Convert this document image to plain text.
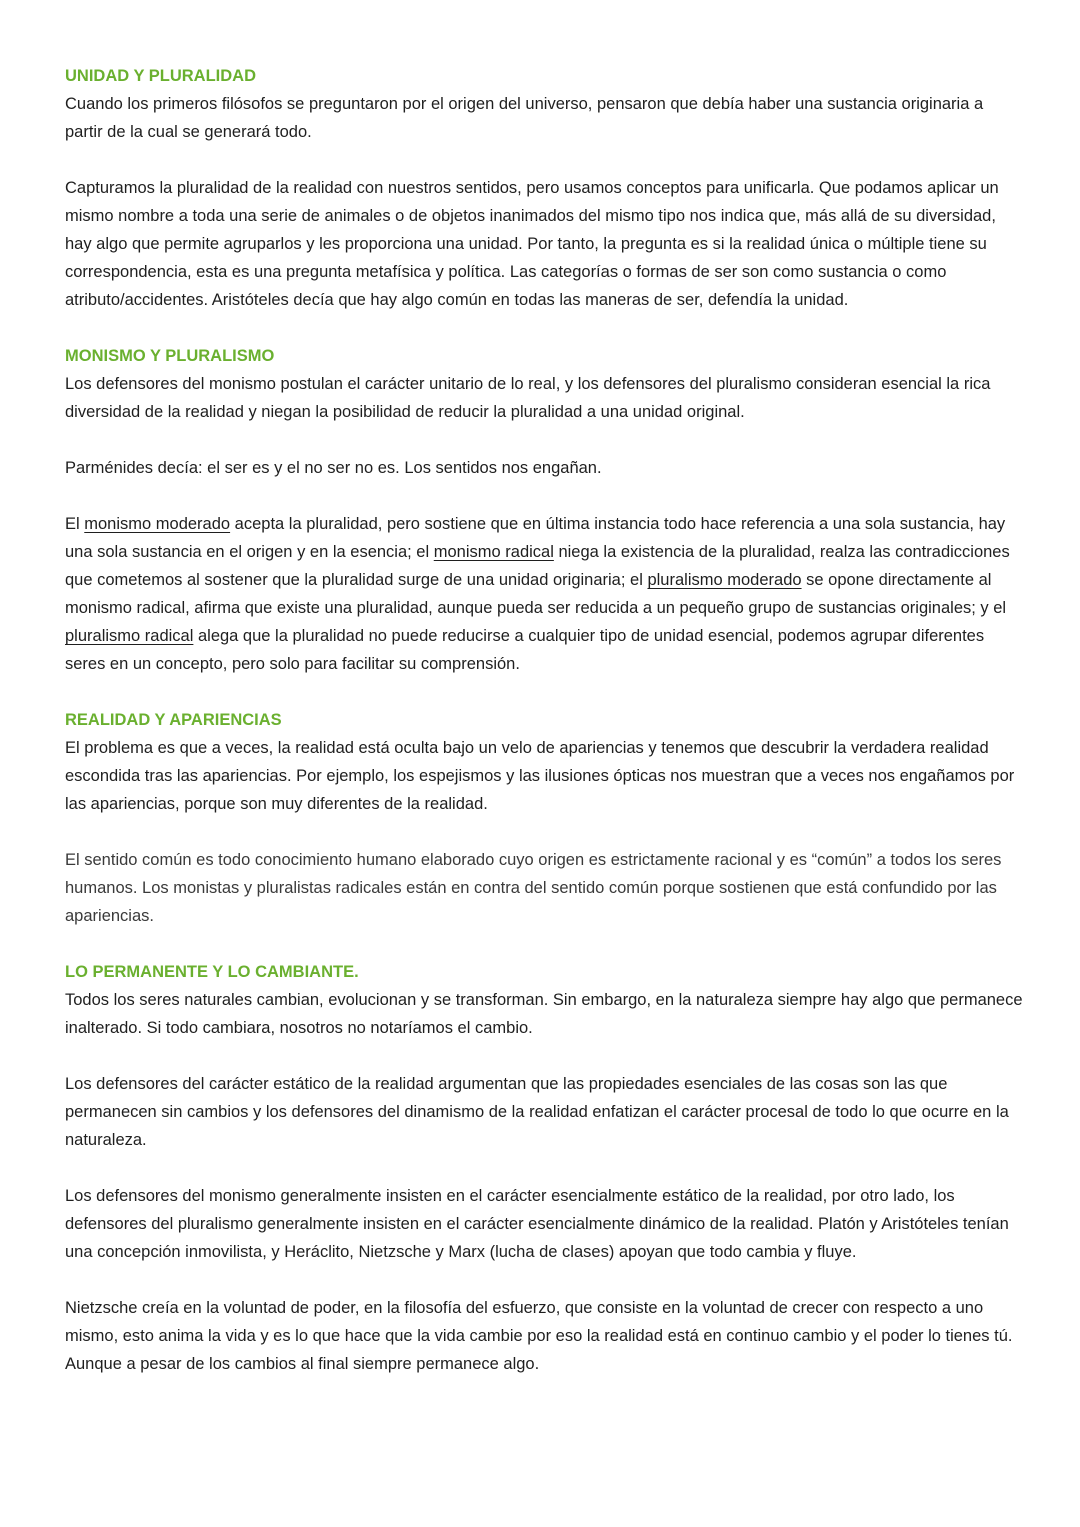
UNIDAD Y PLURALIDAD

Cuando los primeros filósofos se preguntaron por el origen del universo, pensaron que debía haber una sustancia originaria a partir de la cual se generará todo.

Capturamos la pluralidad de la realidad con nuestros sentidos, pero usamos conceptos para unificarla. Que podamos aplicar un mismo nombre a toda una serie de animales o de objetos inanimados del mismo tipo nos indica que, más allá de su diversidad, hay algo que permite agruparlos y les proporciona una unidad. Por tanto, la pregunta es si la realidad única o múltiple tiene su correspondencia, esta es una pregunta metafísica y política. Las categorías o formas de ser son como sustancia o como atributo/accidentes. Aristóteles decía que hay algo común en todas las maneras de ser, defendía la unidad.

MONISMO Y PLURALISMO

Los defensores del monismo postulan el carácter unitario de lo real, y los defensores del pluralismo consideran esencial la rica diversidad de la realidad y niegan la posibilidad de reducir la pluralidad a una unidad original.

Parménides decía: el ser es y el no ser no es. Los sentidos nos engañan.

El monismo moderado acepta la pluralidad, pero sostiene que en última instancia todo hace referencia a una sola sustancia, hay una sola sustancia en el origen y en la esencia; el monismo radical niega la existencia de la pluralidad, realza las contradicciones que cometemos al sostener que la pluralidad surge de una unidad originaria; el pluralismo moderado se opone directamente al monismo radical, afirma que existe una pluralidad, aunque pueda ser reducida a un pequeño grupo de sustancias originales; y el pluralismo radical alega que la pluralidad no puede reducirse a cualquier tipo de unidad esencial, podemos agrupar diferentes seres en un concepto, pero solo para facilitar su comprensión.

REALIDAD Y APARIENCIAS

El problema es que a veces, la realidad está oculta bajo un velo de apariencias y tenemos que descubrir la verdadera realidad escondida tras las apariencias. Por ejemplo, los espejismos y las ilusiones ópticas nos muestran que a veces nos engañamos por las apariencias, porque son muy diferentes de la realidad.

El sentido común es todo conocimiento humano elaborado cuyo origen es estrictamente racional y es “común” a todos los seres humanos. Los monistas y pluralistas radicales están en contra del sentido común porque sostienen que está confundido por las apariencias.

LO PERMANENTE Y LO CAMBIANTE.

Todos los seres naturales cambian, evolucionan y se transforman. Sin embargo, en la naturaleza siempre hay algo que permanece inalterado. Si todo cambiara, nosotros no notaríamos el cambio.

Los defensores del carácter estático de la realidad argumentan que las propiedades esenciales de las cosas son las que permanecen sin cambios y los defensores del dinamismo de la realidad enfatizan el carácter procesal de todo lo que ocurre en la naturaleza.

Los defensores del monismo generalmente insisten en el carácter esencialmente estático de la realidad, por otro lado, los defensores del pluralismo generalmente insisten en el carácter esencialmente dinámico de la realidad. Platón y Aristóteles tenían una concepción inmovilista, y Heráclito, Nietzsche y Marx (lucha de clases) apoyan que todo cambia y fluye.

Nietzsche creía en la voluntad de poder, en la filosofía del esfuerzo, que consiste en la voluntad de crecer con respecto a uno mismo, esto anima la vida y es lo que hace que la vida cambie por eso la realidad está en continuo cambio y el poder lo tienes tú. Aunque a pesar de los cambios al final siempre permanece algo.
